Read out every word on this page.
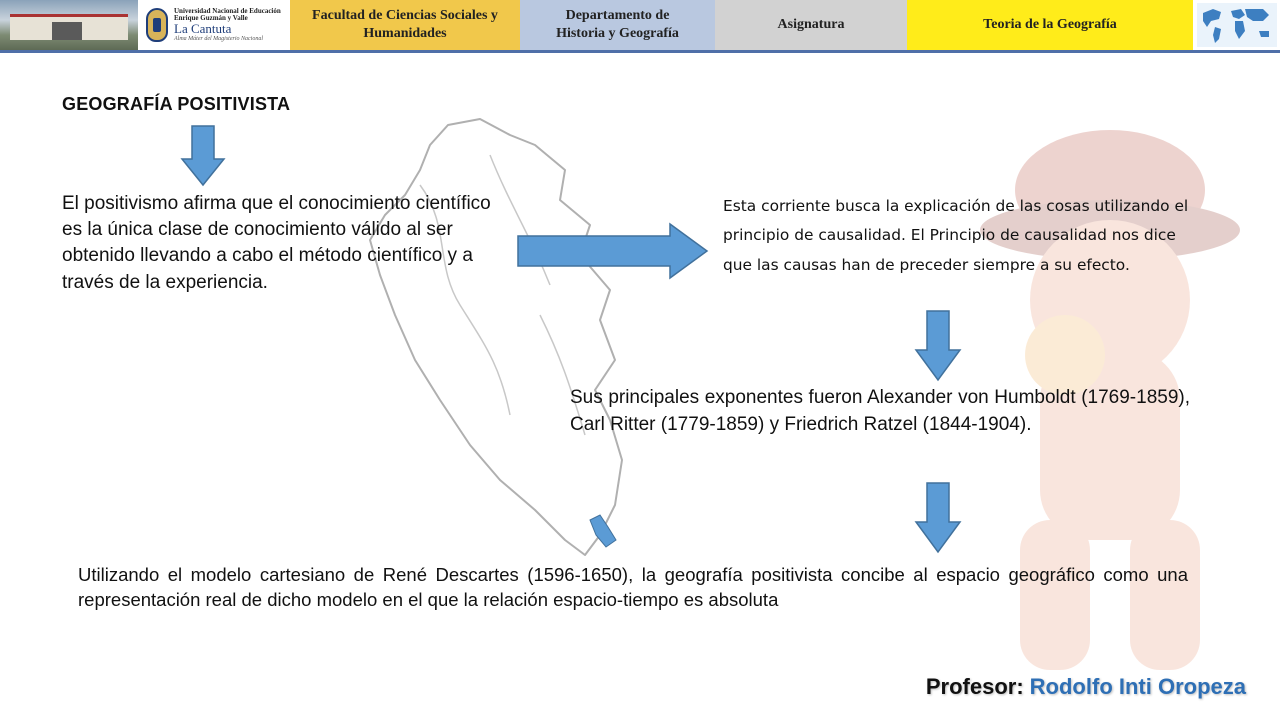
Universidad Nacional de Educación
Enrique Guzmán y Valle
La Cantuta
Alma Máter del Magisterio Nacional
Facultad de Ciencias Sociales y
Humanidades
Departamento de
Historia y Geografía
Asignatura	Teoria de la Geografía
GEOGRAFÍA POSITIVISTA
El positivismo afirma que el conocimiento científico es la única clase de conocimiento válido al ser obtenido llevando a cabo el método científico y a través de la experiencia.
Esta corriente busca la explicación de las cosas utilizando el principio de causalidad. El Principio de causalidad nos dice que las causas han de preceder siempre a su efecto.
Sus principales exponentes fueron Alexander von Humboldt (1769-1859), Carl Ritter (1779-1859) y Friedrich Ratzel (1844-1904).
Utilizando el modelo cartesiano de René Descartes (1596-1650), la geografía positivista concibe al espacio geográfico como una representación real de dicho modelo en el que la relación espacio-tiempo es absoluta
Profesor: Rodolfo Inti Oropeza
